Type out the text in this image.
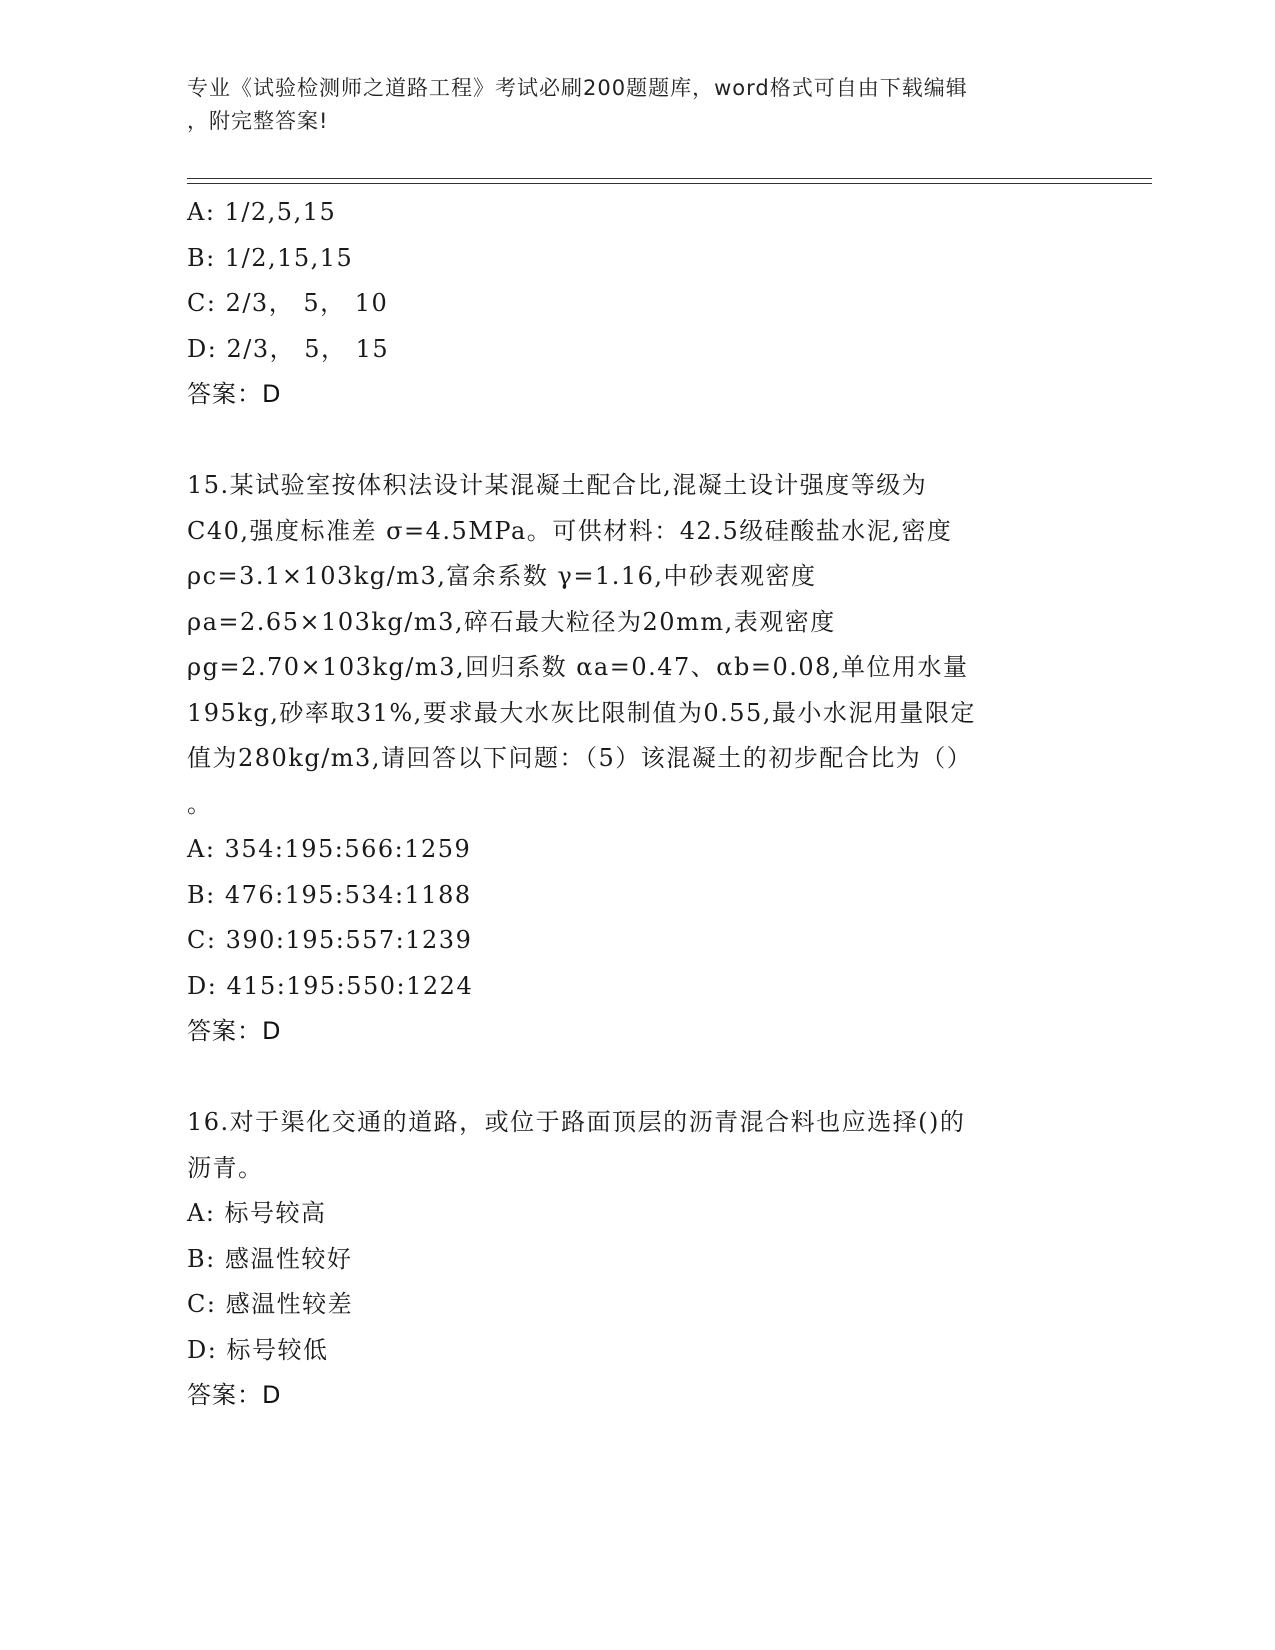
专业《试验检测师之道路工程》考试必刷200题题库，word格式可自由下载编辑
，附完整答案!
A: 1/2,5,15
B: 1/2,15,15
C: 2/3， 5， 10
D: 2/3， 5， 15
答案：D
15.某试验室按体积法设计某混凝土配合比,混凝土设计强度等级为
C40,强度标准差 σ=4.5MPa。可供材料：42.5级硅酸盐水泥,密度
ρc=3.1×103kg/m3,富余系数 γ=1.16,中砂表观密度
ρa=2.65×103kg/m3,碎石最大粒径为20mm,表观密度
ρg=2.70×103kg/m3,回归系数 αa=0.47、αb=0.08,单位用水量
195kg,砂率取31%,要求最大水灰比限制值为0.55,最小水泥用量限定
值为280kg/m3,请回答以下问题：（5）该混凝土的初步配合比为（）
。
A: 354:195:566:1259
B: 476:195:534:1188
C: 390:195:557:1239
D: 415:195:550:1224
答案：D
16.对于渠化交通的道路，或位于路面顶层的沥青混合料也应选择()的
沥青。
A: 标号较高
B: 感温性较好
C: 感温性较差
D: 标号较低
答案：D
